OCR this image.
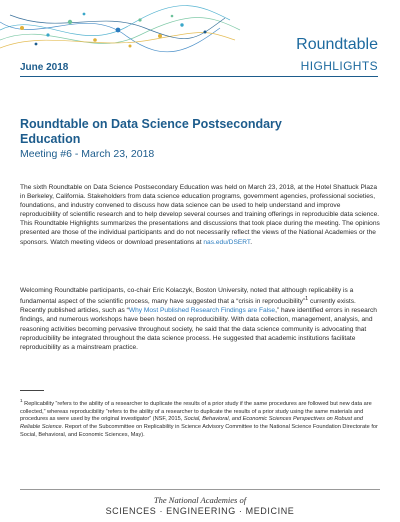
June 2018
Roundtable
HIGHLIGHTS
Roundtable on Data Science Postsecondary Education
Meeting #6 - March 23, 2018
The sixth Roundtable on Data Science Postsecondary Education was held on March 23, 2018, at the Hotel Shattuck Plaza in Berkeley, California. Stakeholders from data science education programs, government agencies, professional societies, foundations, and industry convened to discuss how data science can be used to help understand and improve reproducibility of scientific research and to help develop several courses and training offerings in reproducible data science. This Roundtable Highlights summarizes the presentations and discussions that took place during the meeting. The opinions presented are those of the individual participants and do not necessarily reflect the views of the National Academies or the sponsors. Watch meeting videos or download presentations at nas.edu/DSERT.
Welcoming Roundtable participants, co-chair Eric Kolaczyk, Boston University, noted that although replicability is a fundamental aspect of the scientific process, many have suggested that a “crisis in reproducibility”$^1$ currently exists. Recently published articles, such as “Why Most Published Research Findings are False,” have identified errors in research findings, and numerous workshops have been hosted on reproducibility. With data collection, management, analysis, and reasoning activities becoming pervasive throughout society, he said that the data science community is advocating that reproducibility be integrated throughout the data science process. He suggested that academic institutions facilitate reproducibility as a mainstream practice.
$^1$ Replicability “refers to the ability of a researcher to duplicate the results of a prior study if the same procedures are followed but new data are collected,” whereas reproducibility “refers to the ability of a researcher to duplicate the results of a prior study using the same materials and procedures as were used by the original investigator” (NSF, 2015, Social, Behavioral, and Economic Sciences Perspectives on Robust and Reliable Science. Report of the Subcommittee on Replicability in Science Advisory Committee to the National Science Foundation Directorate for Social, Behavioral, and Economic Sciences, May).
The National Academies of
SCIENCES · ENGINEERING · MEDICINE
